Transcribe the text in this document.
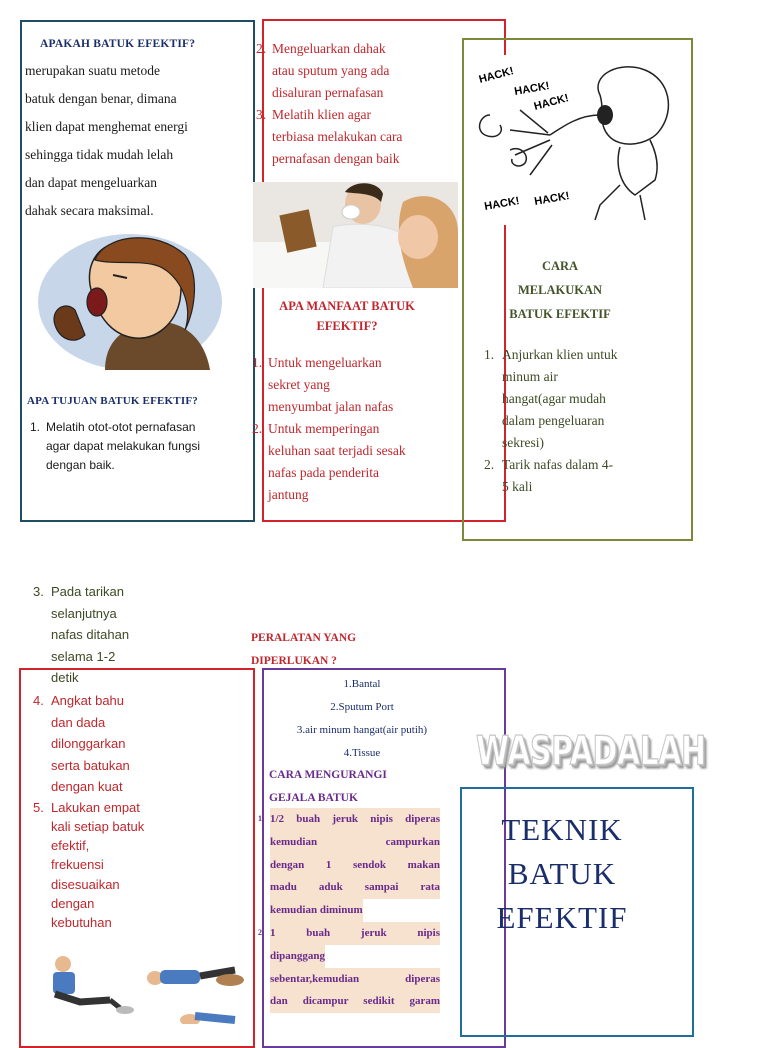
APAKAH BATUK EFEKTIF?
merupakan suatu metode
batuk dengan benar, dimana
klien dapat menghemat energi
sehingga tidak mudah lelah
dan dapat mengeluarkan
dahak secara maksimal.
APA TUJUAN BATUK EFEKTIF?
1. Melatih otot-otot pernafasan
agar dapat melakukan fungsi
dengan baik.
2. Mengeluarkan dahak
atau sputum yang ada
disaluran pernafasan
3. Melatih klien agar
terbiasa melakukan cara
pernafasan dengan baik
APA MANFAAT BATUK
EFEKTIF?
1. Untuk mengeluarkan
sekret yang
menyumbat jalan nafas
2. Untuk memperingan
keluhan saat terjadi sesak
nafas pada penderita
jantung
HACK!
HACK!
HACK!
HACK! HACK!
CARA
MELAKUKAN
BATUK EFEKTIF
1. Anjurkan klien untuk
minum air
hangat(agar mudah
dalam pengeluaran
sekresi)
2. Tarik nafas dalam 4-
5 kali
3. Pada tarikan
selanjutnya
nafas ditahan
selama 1-2
detik
4. Angkat bahu
dan dada
dilonggarkan
serta batukan
dengan kuat
5. Lakukan empat
kali setiap batuk
efektif,
frekuensi
disesuaikan
dengan
kebutuhan
PERALATAN YANG
DIPERLUKAN ?
1.Bantal
2.Sputum Port
3.air minum hangat(air putih)
4.Tissue
CARA MENGURANGI
GEJALA BATUK
1. 1/2 buah jeruk nipis diperas
kemudian campurkan
dengan 1 sendok makan
madu aduk sampai rata
kemudian diminum
2. 1 buah jeruk nipis
dipanggang
sebentar,kemudian diperas
dan dicampur sedikit garam
WASPADALAH
TEKNIK
BATUK
EFEKTIF
